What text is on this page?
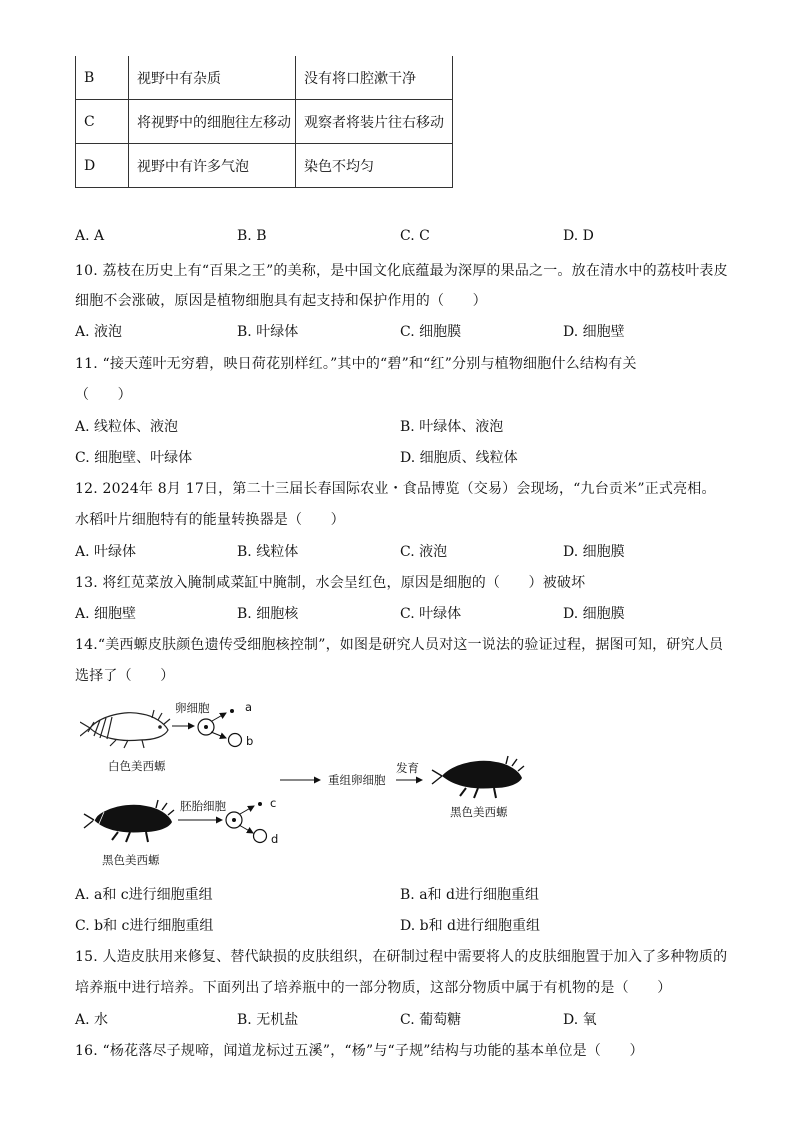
B	视野中有杂质	没有将口腔漱干净
C	将视野中的细胞往左移动	观察者将装片往右移动
D	视野中有许多气泡	染色不均匀
A. A	B. B	C. C	D. D
10. 荔枝在历史上有“百果之王”的美称，是中国文化底蕴最为深厚的果品之一。放在清水中的荔枝叶表皮
细胞不会涨破，原因是植物细胞具有起支持和保护作用的（　　）
A. 液泡	B. 叶绿体	C. 细胞膜	D. 细胞壁
11. “接天莲叶无穷碧，映日荷花别样红。”其中的“碧”和“红”分别与植物细胞什么结构有关
（　　）
A. 线粒体、液泡	B. 叶绿体、液泡
C. 细胞壁、叶绿体	D. 细胞质、线粒体
12. 2024年 8月 17日，第二十三届长春国际农业・食品博览（交易）会现场，“九台贡米”正式亮相。
水稻叶片细胞特有的能量转换器是（　　）
A. 叶绿体	B. 线粒体	C. 液泡	D. 细胞膜
13. 将红苋菜放入腌制咸菜缸中腌制，水会呈红色，原因是细胞的（　　）被破坏
A. 细胞壁	B. 细胞核	C. 叶绿体	D. 细胞膜
14.“美西螈皮肤颜色遗传受细胞核控制”，如图是研究人员对这一说法的验证过程，据图可知，研究人员
选择了（　　）
卵细胞	a
b
白色美西螈
胚胎细胞	c
d
黑色美西螈
重组卵细胞
发育
黑色美西螈
A. a和 c进行细胞重组	B. a和 d进行细胞重组
C. b和 c进行细胞重组	D. b和 d进行细胞重组
15. 人造皮肤用来修复、替代缺损的皮肤组织，在研制过程中需要将人的皮肤细胞置于加入了多种物质的
培养瓶中进行培养。下面列出了培养瓶中的一部分物质，这部分物质中属于有机物的是（　　）
A. 水	B. 无机盐	C. 葡萄糖	D. 氧
16. “杨花落尽子规啼，闻道龙标过五溪”，“杨”与“子规”结构与功能的基本单位是（　　）
